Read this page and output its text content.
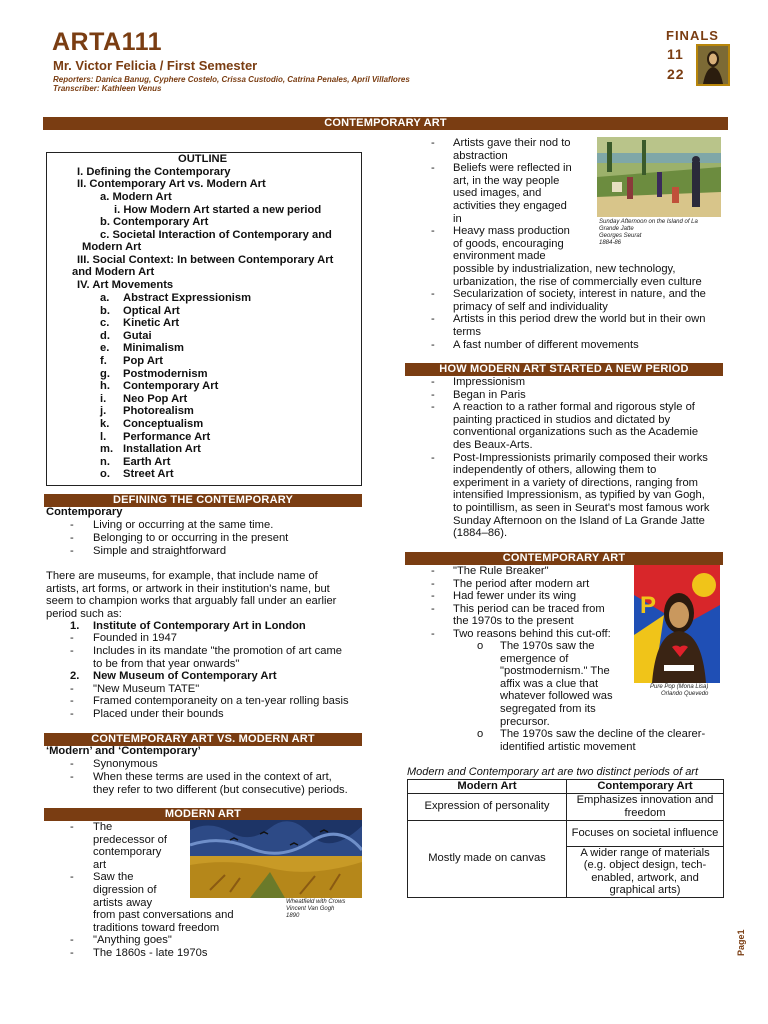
ARTA111
Mr. Victor Felicia / First Semester
Reporters: Danica Banug, Cyphere Costelo, Crissa Custodio, Catrina Penales, April Villaflores
Transcriber: Kathleen Venus
FINALS
11
22
CONTEMPORARY ART
OUTLINE
I. Defining the Contemporary
II. Contemporary Art vs. Modern Art
a. Modern Art
i. How Modern Art started a new period
b. Contemporary Art
c. Societal Interaction of Contemporary and
Modern Art
III. Social Context: In between Contemporary Art
and Modern Art
IV. Art Movements
a. Abstract Expressionism
b. Optical Art
c. Kinetic Art
d. Gutai
e. Minimalism
f. Pop Art
g. Postmodernism
h. Contemporary Art
i. Neo Pop Art
j. Photorealism
k. Conceptualism
l. Performance Art
m. Installation Art
n. Earth Art
o. Street Art
DEFINING THE CONTEMPORARY
Contemporary
- Living or occurring at the same time.
- Belonging to or occurring in the present
- Simple and straightforward
There are museums, for example, that include name of
artists, art forms, or artwork in their institution's name, but
seem to champion works that arguably fall under an earlier
period such as:
1. Institute of Contemporary Art in London
- Founded in 1947
- Includes in its mandate "the promotion of art came
to be from that year onwards"
2. New Museum of Contemporary Art
- "New Museum TATE"
- Framed contemporaneity on a ten-year rolling basis
- Placed under their bounds
CONTEMPORARY ART VS. MODERN ART
‘Modern’ and ‘Contemporary’
- Synonymous
- When these terms are used in the context of art,
they refer to two different (but consecutive) periods.
MODERN ART
- The
predecessor of
contemporary
art
- Saw the
digression of
artists away
from past conversations and
traditions toward freedom
- "Anything goes"
- The 1860s - late 1970s
Wheatfield with Crows
Vincent Van Gogh
1890
- Artists gave their nod to
abstraction
- Beliefs were reflected in
art, in the way people
used images, and
activities they engaged
in
- Heavy mass production
of goods, encouraging
environment made
possible by industrialization, new technology,
urbanization, the rise of commercially even culture
- Secularization of society, interest in nature, and the
primacy of self and individuality
- Artists in this period drew the world but in their own
terms
- A fast number of different movements
Sunday Afternoon on the Island of La
Grande Jatte
Georges Seurat
1884-86
HOW MODERN ART STARTED A NEW PERIOD
- Impressionism
- Began in Paris
- A reaction to a rather formal and rigorous style of
painting practiced in studios and dictated by
conventional organizations such as the Academie
des Beaux-Arts.
- Post-Impressionists primarily composed their works
independently of others, allowing them to
experiment in a variety of directions, ranging from
intensified Impressionism, as typified by van Gogh,
to pointillism, as seen in Seurat's most famous work
Sunday Afternoon on the Island of La Grande Jatte
(1884–86).
CONTEMPORARY ART
- "The Rule Breaker"
- The period after modern art
- Had fewer under its wing
- This period can be traced from
the 1970s to the present
- Two reasons behind this cut-off:
o The 1970s saw the
emergence of
"postmodernism." The
affix was a clue that
whatever followed was
segregated from its
precursor.
o The 1970s saw the decline of the clearer-
identified artistic movement
P
Pure Pop (Mona Lisa)
Orlando Quevedo
Modern and Contemporary art are two distinct periods of art
Modern Art	Contemporary Art
Expression of personality	Emphasizes innovation and freedom
Mostly made on canvas	Focuses on societal influence
	A wider range of materials (e.g. object design, tech-enabled, artwork, and graphical arts)
Page1
